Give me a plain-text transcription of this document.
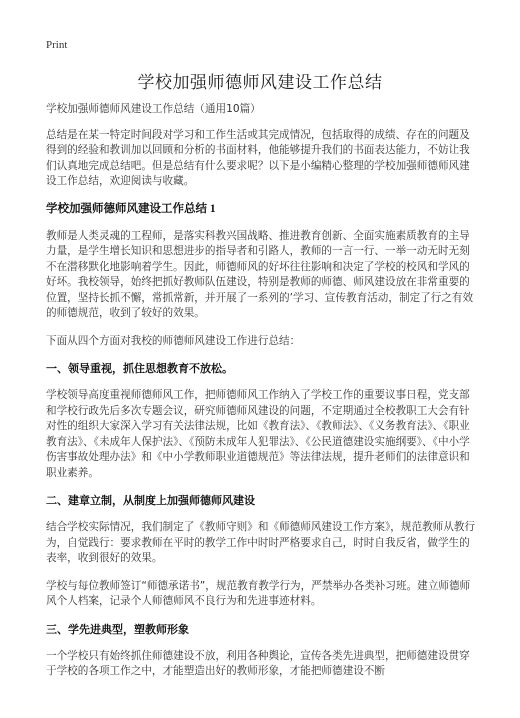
Print
学校加强师德师风建设工作总结

学校加强师德师风建设工作总结（通用10篇）

总结是在某一特定时间段对学习和工作生活或其完成情况，包括取得的成绩、存在的问题及得到的经验和教训加以回顾和分析的书面材料，他能够提升我们的书面表达能力，不妨让我们认真地完成总结吧。但是总结有什么要求呢？以下是小编精心整理的学校加强师德师风建设工作总结，欢迎阅读与收藏。

学校加强师德师风建设工作总结 1

教师是人类灵魂的工程师，是落实科教兴国战略、推进教育创新、全面实施素质教育的主导力量，是学生增长知识和思想进步的指导者和引路人，教师的一言一行、一举一动无时无刻不在潜移默化地影响着学生。因此，师德师风的好坏往往影响和决定了学校的校风和学风的好坏。我校领导，始终把抓好教师队伍建设，特别是教师的师德、师风建设放在非常重要的位置，坚持长抓不懈，常抓常新，并开展了一系列的’学习、宣传教育活动，制定了行之有效的师德规范，收到了较好的效果。

下面从四个方面对我校的师德师风建设工作进行总结：

一、领导重视，抓住思想教育不放松。

学校领导高度重视师德师风工作，把师德师风工作纳入了学校工作的重要议事日程，党支部和学校行政先后多次专题会议，研究师德师风建设的问题，不定期通过全校教职工大会有针对性的组织大家深入学习有关法律法规，比如《教育法》、《教师法》、《义务教育法》、《职业教育法》、《未成年人保护法》、《预防未成年人犯罪法》、《公民道德建设实施纲要》、《中小学伤害事故处理办法》和《中小学教师职业道德规范》等法律法规，提升老师们的法律意识和职业素养。

二、建章立制，从制度上加强师德师风建设

结合学校实际情况，我们制定了《教师守则》和《师德师风建设工作方案》，规范教师从教行为，自觉践行：要求教师在平时的教学工作中时时严格要求自己，时时自我反省，做学生的表率，收到很好的效果。

学校与每位教师签订“师德承诺书”，规范教育教学行为，严禁举办各类补习班。建立师德师风个人档案，记录个人师德师风不良行为和先进事迹材料。

三、学先进典型，塑教师形象

一个学校只有始终抓住师德建设不放，利用各种舆论，宣传各类先进典型，把师德建设贯穿于学校的各项工作之中，才能塑造出好的教师形象，才能把师德建设不断
